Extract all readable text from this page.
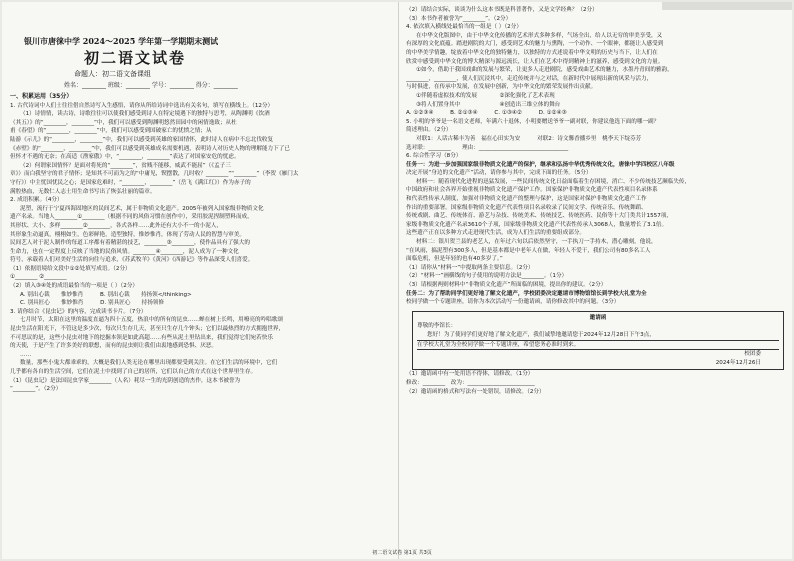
银川市唐徕中学 2024～2025 学年第一学期期末测试
初二语文试卷
命题人：初二语文备课组
姓名：________ 班级：________ 学号：________ 得分：________

一、积累运用（35分）

1. 古代诗词中人们士往往借自然诗写入生感悟，请你从所给诗词中选出有关名句，填写在横线上。（12分）

（1）诗情情，读古诗，诗歌往往可以使我们感受到诗人在特定境遇下的独特与思考，从陶渊明《饮酒

（其五）》的“________，________”中，我们可以感受到陶渊明悠然田园中的闲情逸致；从杜

甫《春望》的“________，________”中，我们可以感受到国破家亡的忧愤之情；从

陆游《示儿》的“________，________”中，我们可以感受到英雄的家国情怀，此时诗人在病中不忘北伐收复

《赤壁》的“________，________”中，我们可以感受到英雄成名需要机遇，表明诗人对历史人物的理解能力下了已

但怀才不遇的无奈；在高适《渔家傲》中，“________，________”表达了对国家安危的忧虑。

（2）何谓家国情怀？是面对将死的“________”，贫贱不能移，威武不能屈”（《孟子三

章》）而白我坚守的君子情怀；是知其不可而为之的“中庸见，锲摆散，几时收？________”“________”（李贺《雁门太

守行》）中主忧国忧民之心；是国家危难时，“________，________”（岳飞《满江红》）作为赤子的

满腔热血，无数仁人志士用生命书写出了恢弘壮丽的篇章。

2. 成语积累。（4分）

泥塑，流行于宁夏西海固地区的民间艺术，属于非物质文化遗产。2005年被列入国家级非物质文化

遗产名录。当地人________①________（根据不同的风俗习惯在创作中），采用胶泥捏制塑料而成，

其形状、大小、多样________②________，各式各样……此外还有大小不一的小泥人，

其形象生动逼真，栩栩如生，色彩鲜艳，造型独特，惟妙惟肖，体现了劳动人民的智慧与审美。

民间艺人对于泥人制作的每道工序都有着精湛的技艺，________③________，使作品具有了强大的

生命力，也在一定程度上反映了当地的民俗风情。________④________，泥人成为了一种文化

符号，承载着人们对美好生活的向往与追求，《苏武牧羊》《黄河》《西游记》等作品深受人们喜爱。

（1）依据语境给文段中①②处填写成语。（2分）

①________ ②________

（2）填入③④处的成语最恰当的一项是（ ）（2分）

A. 别出心裁　　惟妙惟肖　　　B. 别出心裁　　持扬领</thinking>

C. 别具匠心　　惟妙惟肖　　　D. 别具匠心　　持扬领修

3. 请你结合《昆虫记》的内容，完成读书卡片。（7分）

七月时节，太阳在这里的温度直逼为四十五度，热浪中的所有的昆虫……蝉在树上长鸣，用嘹亮的吟唱歌颂

昆虫生活在阳光下，不管这是多少次，每次只生存几天，甚至只生存几个钟头；它们以最热烈的方式拥抱世界，

不可思议的是，这些小昆虫对地下的挖掘本领是如此高超……有些从泥土里钻出来，我们觉得它们宛若快乐

的天使，于是产生了许多美好的联想，而有的昆虫则让我们由衷地感到恐惧、厌恶。

……

数量，那些小鬼大都乖乖的，大概是我们人类无论在哪里出现都要受到关注。在它们生活的环境中，它们

几乎都有各自的生活空间，它们在泥土中找到了自己的居所，它们以自己的方式在这个世界里生存。

（1）《昆虫记》是法国昆虫学家________（人名）耗尽一生的光阴创造的杰作，这本书被誉为

“________”。（2分）

（2）请结合实际，谈谈为什么这本书既是科普著作，又是文学经典？（2分）

（3）本书作者被誉为“________”。（2分）

4. 依次填入横线处最恰当的一组是（ ）（2分）

在中华文化版图中，由于中华文化传播的艺术形式多种多样，气场全出，给人以无穷的审美享受，又

有深厚的文化底蕴。踏进剧院的大门，感受到艺术的魅力与熏陶，一个动作、一个眼神，都能让人感受到

的中华美学情趣，绽放着中华文化的独特魅力，以独特的方式述说着中华文明的历史与当下，让人们在

欣赏中感受到中华文化的博大精深与源远流长，让人们在艺术中得到精神上的滋养，感受到文化的力量。

①如今，借助于我国戏曲的发展与繁荣，让更多人走进剧院，感受戏曲艺术的魅力，水墨丹青间的雅韵，

________，________，使人们沉浸其中，走近传统并与之对话，在新时代中展现出新的风采与活力，

与时俱进，在传承中发展，在发展中创新，为中华文化的繁荣发展作出贡献。

①伴随着虚拟技术的发展　　　　②深化强化了艺术表现

③将人们置身其中　　　　　　　④创造出三维立体的舞台

A. ①②③④　　　B. ②①③④　　　C. ①③④②　　　D. ①②④③

5. 小明的爷爷是一名语文老师，年满六十退休，小明要赠送爷爷一副对联，你建议他选下面的哪一副？

简述理由。（2分）

对联1：人话古稀丰为善　福在心田实为安　　　对联2：诗文馨香播乡里　桃李天下绽芬芳

选对联：________　　理由：________________________________

6. 综合性学习（8分）

任务一：为进一步加强国家级非物质文化遗产的保护，继承和弘扬中华优秀传统文化，唐徕中学四校区八年级

决定开展“身边的文化遗产”活动，请你参与其中，完成下面的任务。（5分）

材料一：随着现代化进程的迅猛发展，一些民间传统文化日益面临着生存困境，消亡、不少传统技艺濒临失传，

中国政府和社会各界开始重视非物质文化遗产保护工作。国家保护非物质文化遗产代表性项目名录体系

和代表性传承人制度，加强对非物质文化遗产的整理与保护，这是国家对保护非物质文化遗产工作

作出的重要部署。国家级非物质文化遗产代表性项目名录收录了民间文学、传统音乐、传统舞蹈、

传统戏剧、曲艺、传统体育、游艺与杂技、传统美术、传统技艺、传统医药、民俗等十大门类共计1557项，

家级非物质文化遗产名录3610个子项，国家级非物质文化遗产代表性传承人3068人，数量增长了3.1倍。

这些遗产正在以多种方式走进现代生活，成为人们生活的重要组成部分。

材料二：银川贺兰县的老艺人，在年过六旬以后依然坚守，一手执刀一手持木，潜心雕刻，他说，

“在风雨，搞泥塑有300多人，但是基本都是中老年人在做，年轻人不爱干，我们公司有80多名工人

面临危机，但是年轻的也有40多岁了。”

（1）请你从“材料一”中提取两条主要信息。（2分）

（2）“材料一”画横线的句子使用的说明方法是________。（1分）

（3）请根据两则材料中“非物质文化遗产”所面临的困境，提出你的建议。（2分）

任务二：为了帮助同学们更好地了解文化遗产，学校团委决定邀请市博物馆馆长到学校大礼堂为全

校同学做一个专题讲座，请你为本次活动写一份邀请函，请你修改其中的问题。（3分）

邀请函

尊敬的李馆长：

您好！为了使同学们更好地了解文化遗产，我们诚挚地邀请您于2024年12月28日下午3点，

在学校大礼堂为全校同学做一个专题讲座，希望您务必准时到来。

校团委

2024年12月26日

（1）邀请函中有一处用语不得体，请修改。（1分）

修改：________　改为：________________________

（2）邀请函的格式和写法有一处错误，请修改。（2分）

初二语文试卷 第1页 共3页
